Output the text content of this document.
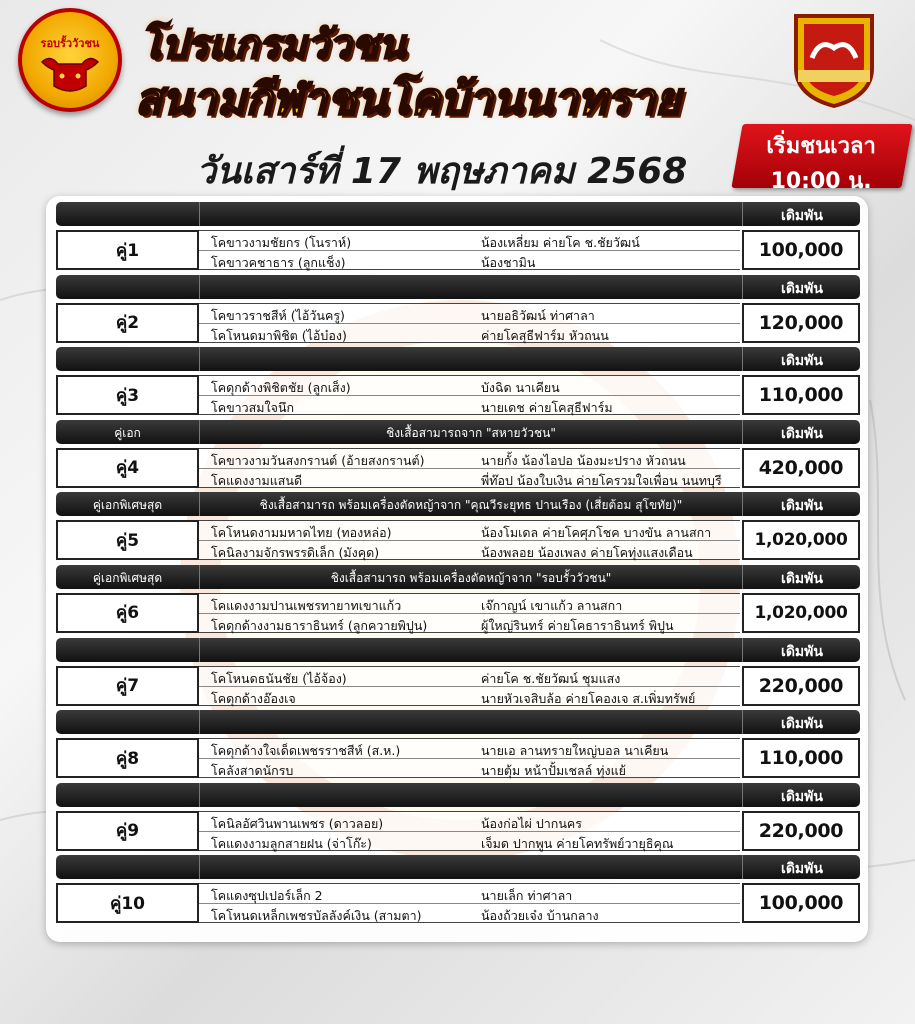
รอบรั้ววัวชน	โปรแกรมวัวชน
สนามกีฬาชนโคบ้านนาทราย
วันเสาร์ที่ 17 พฤษภาคม 2568
เริ่มชนเวลา
10:00 น.
เดิมพัน
คู่1	โคขาวงามชัยกร (โนราห์)	น้องเหลี่ยม ค่ายโค ช.ชัยวัฒน์
โคขาวคชาธาร (ลูกแช็ง)	น้องชามิน
100,000
เดิมพัน
คู่2	โคขาวราชสีห์ (ไอ้วันครู)	นายอธิวัฒน์ ท่าศาลา
โคโหนดมาพิชิต (ไอ้บ๋อง)	ค่ายโคสุธีฟาร์ม หัวถนน
120,000
เดิมพัน
คู่3	โคดุกด้างพิชิตชัย (ลูกเส็ง)	บังฉิด นาเคียน
โคขาวสมใจนึก	นายเดช ค่ายโคสุธีฟาร์ม
110,000
คู่เอก	ชิงเสื้อสามารถจาก "สหายวัวชน"	เดิมพัน
คู่4	โคขาวงามวันสงกรานต์ (อ้ายสงกรานต์)	นายกั้ง น้องไอปอ น้องมะปราง หัวถนน
โคแดงงามแสนดี	พี่ท๊อป น้องใบเงิน ค่ายโครวมใจเพื่อน นนทบุรี
420,000
คู่เอกพิเศษสุด	ชิงเสื้อสามารถ พร้อมเครื่องตัดหญ้าจาก "คุณวีระยุทธ ปานเรือง (เสี่ยต้อม สุโขทัย)"	เดิมพัน
คู่5	โคโหนดงามมหาดไทย (ทองหล่อ)	น้องโมเดล ค่ายโคศุภโชค บางขัน ลานสกา
โคนิลงามจักรพรรดิเล็ก (มังคุด)	น้องพลอย น้องเพลง ค่ายโคทุ่งแสงเดือน
1,020,000
คู่เอกพิเศษสุด	ชิงเสื้อสามารถ พร้อมเครื่องตัดหญ้าจาก "รอบรั้ววัวชน"	เดิมพัน
คู่6	โคแดงงามปานเพชรทายาทเขาแก้ว	เจ๊กาญน์ เขาแก้ว ลานสกา
โคดุกด้างงามธาราธินทร์ (ลูกควายพิปูน)	ผู้ใหญ่รินทร์ ค่ายโคธาราธินทร์ พิปูน
1,020,000
เดิมพัน
คู่7	โคโหนดธนันชัย (ไอ้จ้อง)	ค่ายโค ช.ชัยวัฒน์ ชุมแสง
โคดุกด้างอ๊องเจ	นายหัวเจสิบล้อ ค่ายโคองเจ ส.เพิ่มทรัพย์
220,000
เดิมพัน
คู่8	โคดุกด้างใจเด็ดเพชรราชสีห์ (ส.ห.)	นายเอ ลานทรายใหญ่บอล นาเคียน
โคลังสาดนักรบ	นายตุ้ม หน้าปั้มเชลล์ ทุ่งแย้
110,000
เดิมพัน
คู่9	โคนิลอัศวินพานเพชร (ดาวลอย)	น้องก่อไผ่ ปากนคร
โคแดงงามลูกสายฝน (จ่าโก๊ะ)	เจ็มด ปากพูน ค่ายโคทรัพย์วายุธิคุณ
220,000
เดิมพัน
คู่10	โคแดงซุปเปอร์เล็ก 2	นายเล็ก ท่าศาลา
โคโหนดเหล็กเพชรบัลลังค์เงิน (สามตา)	น้องถ้วยเจ๋ง บ้านกลาง
100,000
